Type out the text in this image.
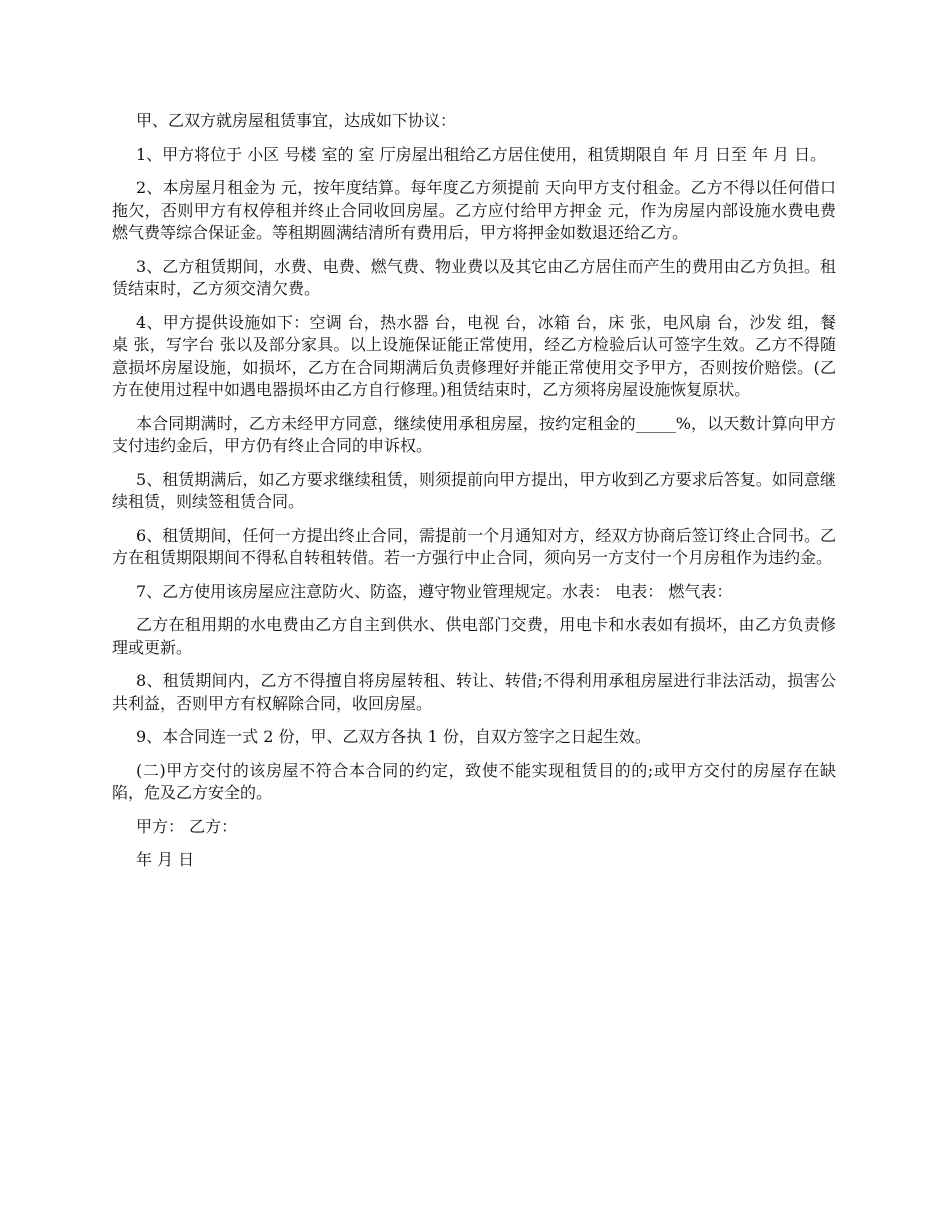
甲、乙双方就房屋租赁事宜，达成如下协议：

1、甲方将位于 小区 号楼 室的 室 厅房屋出租给乙方居住使用，租赁期限自 年 月 日至 年 月 日。

2、本房屋月租金为 元，按年度结算。每年度乙方须提前 天向甲方支付租金。乙方不得以任何借口拖欠，否则甲方有权停租并终止合同收回房屋。乙方应付给甲方押金 元，作为房屋内部设施水费电费燃气费等综合保证金。等租期圆满结清所有费用后，甲方将押金如数退还给乙方。

3、乙方租赁期间，水费、电费、燃气费、物业费以及其它由乙方居住而产生的费用由乙方负担。租赁结束时，乙方须交清欠费。

4、甲方提供设施如下：空调 台，热水器 台，电视 台，冰箱 台，床 张，电风扇 台，沙发 组，餐桌 张，写字台 张以及部分家具。以上设施保证能正常使用，经乙方检验后认可签字生效。乙方不得随意损坏房屋设施，如损坏，乙方在合同期满后负责修理好并能正常使用交予甲方，否则按价赔偿。(乙方在使用过程中如遇电器损坏由乙方自行修理。)租赁结束时，乙方须将房屋设施恢复原状。

本合同期满时，乙方未经甲方同意，继续使用承租房屋，按约定租金的_____%，以天数计算向甲方支付违约金后，甲方仍有终止合同的申诉权。

5、租赁期满后，如乙方要求继续租赁，则须提前向甲方提出，甲方收到乙方要求后答复。如同意继续租赁，则续签租赁合同。

6、租赁期间，任何一方提出终止合同，需提前一个月通知对方，经双方协商后签订终止合同书。乙方在租赁期限期间不得私自转租转借。若一方强行中止合同，须向另一方支付一个月房租作为违约金。

7、乙方使用该房屋应注意防火、防盗，遵守物业管理规定。水表： 电表： 燃气表：

乙方在租用期的水电费由乙方自主到供水、供电部门交费，用电卡和水表如有损坏，由乙方负责修理或更新。

8、租赁期间内，乙方不得擅自将房屋转租、转让、转借;不得利用承租房屋进行非法活动，损害公共利益，否则甲方有权解除合同，收回房屋。

9、本合同连一式 2 份，甲、乙双方各执 1 份，自双方签字之日起生效。

(二)甲方交付的该房屋不符合本合同的约定，致使不能实现租赁目的的;或甲方交付的房屋存在缺陷，危及乙方安全的。

甲方： 乙方：

年 月 日
